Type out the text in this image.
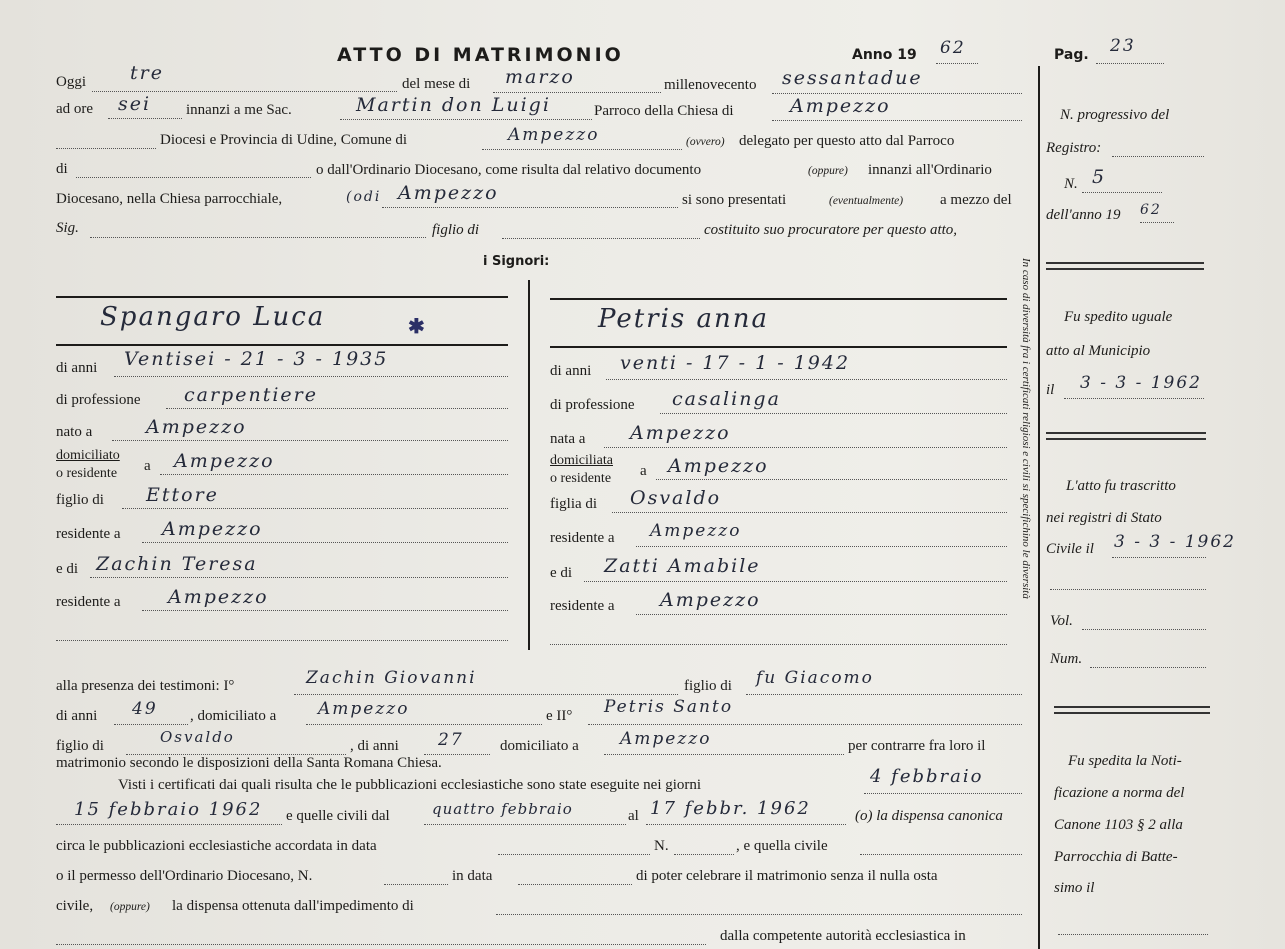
ATTO DI MATRIMONIO	Anno 19 62	Pag. 23
Oggi tre	del mese di marzo	millenovecento sessantadue
ad ore sei innanzi a me Sac.	Martin don Luigi	Parroco della Chiesa di	Ampezzo
Diocesi e Provincia di Udine, Comune di	Ampezzo	(ovvero) delegato per questo atto dal Parroco
di	o dall'Ordinario Diocesano, come risulta dal relativo documento	(oppure) innanzi all'Ordinario
Diocesano, nella Chiesa parrocchiale,	(odi Ampezzo	si sono presentati	(eventualmente) a mezzo del
Sig.	figlio di	costituito suo procuratore per questo atto,
i Signori:
Spangaro Luca	✱
di anni Ventisei - 21 - 3 - 1935
di professione carpentiere
nato a	Ampezzo
domiciliato
o residente a Ampezzo
figlio di Ettore
residente a Ampezzo
e di Zachin Teresa
residente a Ampezzo
Petris anna
di anni venti - 17 - 1 - 1942
di professione casalinga
nata a Ampezzo
domiciliata
o residente a Ampezzo
figlia di Osvaldo
residente a Ampezzo
e di Zatti Amabile
residente a Ampezzo
In caso di diversità fra i certificati religiosi e civili si specifichino le diversità
alla presenza dei testimoni: I°	Zachin Giovanni	figlio di fu Giacomo
di anni 49 , domiciliato a Ampezzo	e II° Petris Santo
figlio di	Osvaldo	, di anni 27 domiciliato a Ampezzo	per contrarre fra loro il
matrimonio secondo le disposizioni della Santa Romana Chiesa.
Visti i certificati dai quali risulta che le pubblicazioni ecclesiastiche sono state eseguite nei giorni	4 febbraio
15 febbraio 1962 e quelle civili dal	quattro febbraio	al 17 febbr. 1962	(o) la dispensa canonica
circa le pubblicazioni ecclesiastiche accordata in data	N.	, e quella civile
o il permesso dell'Ordinario Diocesano, N.	in data	di poter celebrare il matrimonio senza il nulla osta
civile, (oppure) la dispensa ottenuta dall'impedimento di
dalla competente autorità ecclesiastica in
N. progressivo del
Registro:
N. 5
dell'anno 19 62
Fu spedito uguale
atto al Municipio
il 3 - 3 - 1962
L'atto fu trascritto
nei registri di Stato
Civile il 3 - 3 - 1962
Vol.
Num.
Fu spedita la Noti-
ficazione a norma del
Canone 1103 § 2 alla
Parrocchia di Batte-
simo il
